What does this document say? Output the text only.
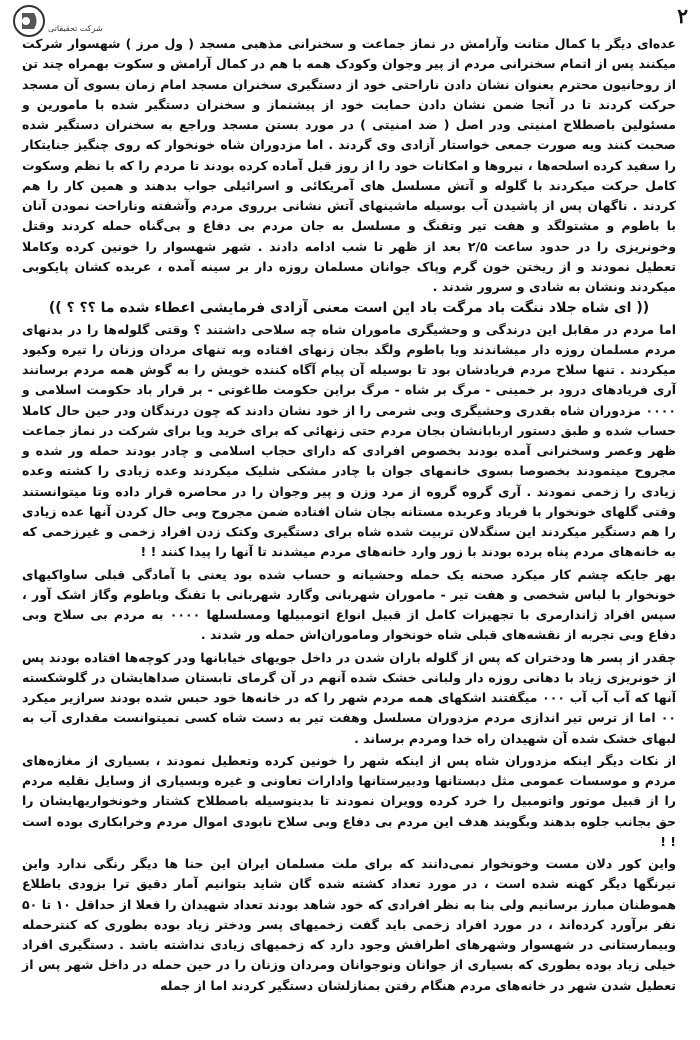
شرکت تحقیقاتی
۲

عده‌ای دیگر با کمال متانت وآرامش در نماز جماعت و سخنرانی مذهبی مسجد ( ول مرز ) شهسوار شرکت میکنند پس از اتمام سخنرانی مردم از پیر وجوان وکودک همه با هم در کمال آرامش و سکوت بهمراه چند تن از روحانیون محترم بعنوان نشان دادن ناراحتی خود از دستگیری سخنران مسجد امام زمان بسوی آن مسجد حرکت کردند تا در آنجا ضمن نشان دادن حمایت خود از پیشنماز و سخنران دستگیر شده با مامورین و مسئولین باصطلاح امنیتی ودر اصل ( ضد امنیتی ) در مورد بستن مسجد وراجع به سخنران دستگیر شده صحبت کنند ویه صورت جمعی خواستار آزادی وی گردند . اما مزدوران شاه خونخوار که روی چنگیز جنایتکار را سفید کرده اسلحه‌ها ، نیروها و امکانات خود را از روز قبل آماده کرده بودند تا مردم را که با نظم وسکوت کامل حرکت میکردند با گلوله و آتش مسلسل های آمریکائی و اسرائیلی جواب بدهند و همین کار را هم کردند . ناگهان پس از پاشیدن آب بوسیله ماشینهای آتش نشانی برروی مردم وآشفته وناراحت نمودن آنان با باطوم و مشتولگد و هفت تیر وتفنگ و مسلسل به جان مردم بی دفاع و بی‌گناه حمله کردند وقتل وخونریزی را در حدود ساعت ۲/۵ بعد از ظهر تا شب ادامه دادند . شهر شهسوار را خونین کرده وکاملا تعطیل نمودند و از ریختن خون گرم وپاک جوانان مسلمان روزه دار بر سینه آمده ، عربده کشان پایکوبی میکردند ونشان به شادی و سرور شدند .

(( ای شاه جلاد ننگت باد مرگت باد این است معنی آزادی فرمایشی اعطاء شده ما ؟؟ ؟ ))

اما مردم در مقابل این درندگی و وحشیگری ماموران شاه چه سلاحی داشتند ؟ وقتی گلوله‌ها را در بدنهای مردم مسلمان روزه دار میشاندند ویا باطوم ولگد بجان زنهای افتاده وبه تنهای مردان وزنان را تیره وکبود میکردند . تنها سلاح مردم فریادشان بود تا بوسیله آن پیام آگاه کننده خویش را به گوش همه مردم برسانند آری فریادهای درود بر خمینی - مرگ بر شاه - مرگ براین حکومت طاغوتی - بر قرار باد حکومت اسلامی و ٠٠٠٠ مزدوران شاه بقدری وحشیگری وبی شرمی را از خود نشان دادند که چون درندگان ودر حین حال کاملا حساب شده و طبق دستور اربابانشان بجان مردم حتی زنهائی که برای خرید ویا برای شرکت در نماز جماعت ظهر وعصر وسخنرانی آمده بودند بخصوص افرادی که دارای حجاب اسلامی و چادر بودند حمله ور شده و مجروح میتمودند بخصوصا بسوی خانمهای جوان با چادر مشکی شلیک میکردند وعده زیادی را کشته وعده زیادی را زخمی نمودند . آری گروه گروه از مرد وزن و پیر وجوان را در محاصره قرار داده وتا میتوانستند وقتی گلهای خونخوار با فریاد وعربده مستانه بجان شان افتاده ضمن مجروح وبی حال کردن آنها عده زیادی را هم دستگیر میکردند این سنگدلان تربیت شده شاه برای دستگیری وکتک زدن افراد زخمی و غیرزخمی که به خانه‌های مردم پناه برده بودند با زور وارد خانه‌های مردم میشدند تا آنها را پیدا کنند ! !

بهر جایکه چشم کار میکرد صحنه یک حمله وحشیانه و حساب شده بود یعنی با آمادگی قبلی ساواکیهای خونخوار با لباس شخصی و هفت تیر - ماموران شهربانی وگارد شهربانی با تفنگ وباطوم وگاز اشک آور ، سپس افراد ژاندارمری با تجهیزات کامل از قبیل انواع اتومبیلها ومسلسلها ٠٠٠٠ به مردم بی سلاح وبی دفاع وبی تجربه از نقشه‌های قبلی شاه خونخوار وماموران‌اش حمله ور شدند .

چقدر از پسر ها ودختران که پس از گلوله باران شدن در داخل جویهای خیابانها ودر کوچه‌ها افتاده بودند پس از خونریزی زیاد با دهانی روزه دار ولبانی خشک شده آنهم در آن گرمای تابستان صداهایشان در گلوشکسته آنها که آب آب آب ٠٠٠ میگفتند اشکهای همه مردم شهر را که در خانه‌ها خود حبس شده بودند سرازیر میکرد ٠٠ اما از ترس تیر اندازی مردم مزدوران مسلسل وهفت تیر به دست شاه کسی نمیتوانست مقداری آب به لبهای خشک شده آن شهیدان راه خدا ومردم برساند .

از نکات دیگر اینکه مزدوران شاه پس از اینکه شهر را خونین کرده وتعطیل نمودند ، بسیاری از مغازه‌های مردم و موسسات عمومی مثل دبستانها ودبیرستانها وادارات تعاونی و غیره وبسیاری از وسایل نقلیه مردم را از قبیل موتور واتومبیل را خرد کرده وویران نمودند تا بدینوسیله باصطلاح کشتار وخونخواریهایشان را حق بجانب جلوه بدهند وبگویند هدف این مردم بی دفاع وبی سلاح نابودی اموال مردم وخرابکاری بوده است ! !

واین کور دلان مست وخونخوار نمی‌دانند که برای ملت مسلمان ایران این حنا ها دیگر رنگی ندارد واین نیرنگها دیگر کهنه شده است ، در مورد تعداد کشته شده گان شاید بتوانیم آمار دقیق ترا بزودی باطلاع هموطنان مبارز برسانیم ولی بنا به نظر افرادی که خود شاهد بودند تعداد شهیدان را فعلا از حداقل ۱۰ تا ۵۰ نفر برآورد کرده‌اند ، در مورد افراد زخمی باید گفت زخمیهای پسر ودختر زیاد بوده بطوری که کنترحمله وبیمارستانی در شهسوار وشهرهای اطرافش وجود دارد که زخمیهای زیادی نداشته باشد . دستگیری افراد خیلی زیاد بوده بطوری که بسیاری از جوانان ونوجوانان ومردان وزنان را در حین حمله در داخل شهر پس از تعطیل شدن شهر در خانه‌های مردم هنگام رفتن بمنازلشان دستگیر کردند اما از جمله
